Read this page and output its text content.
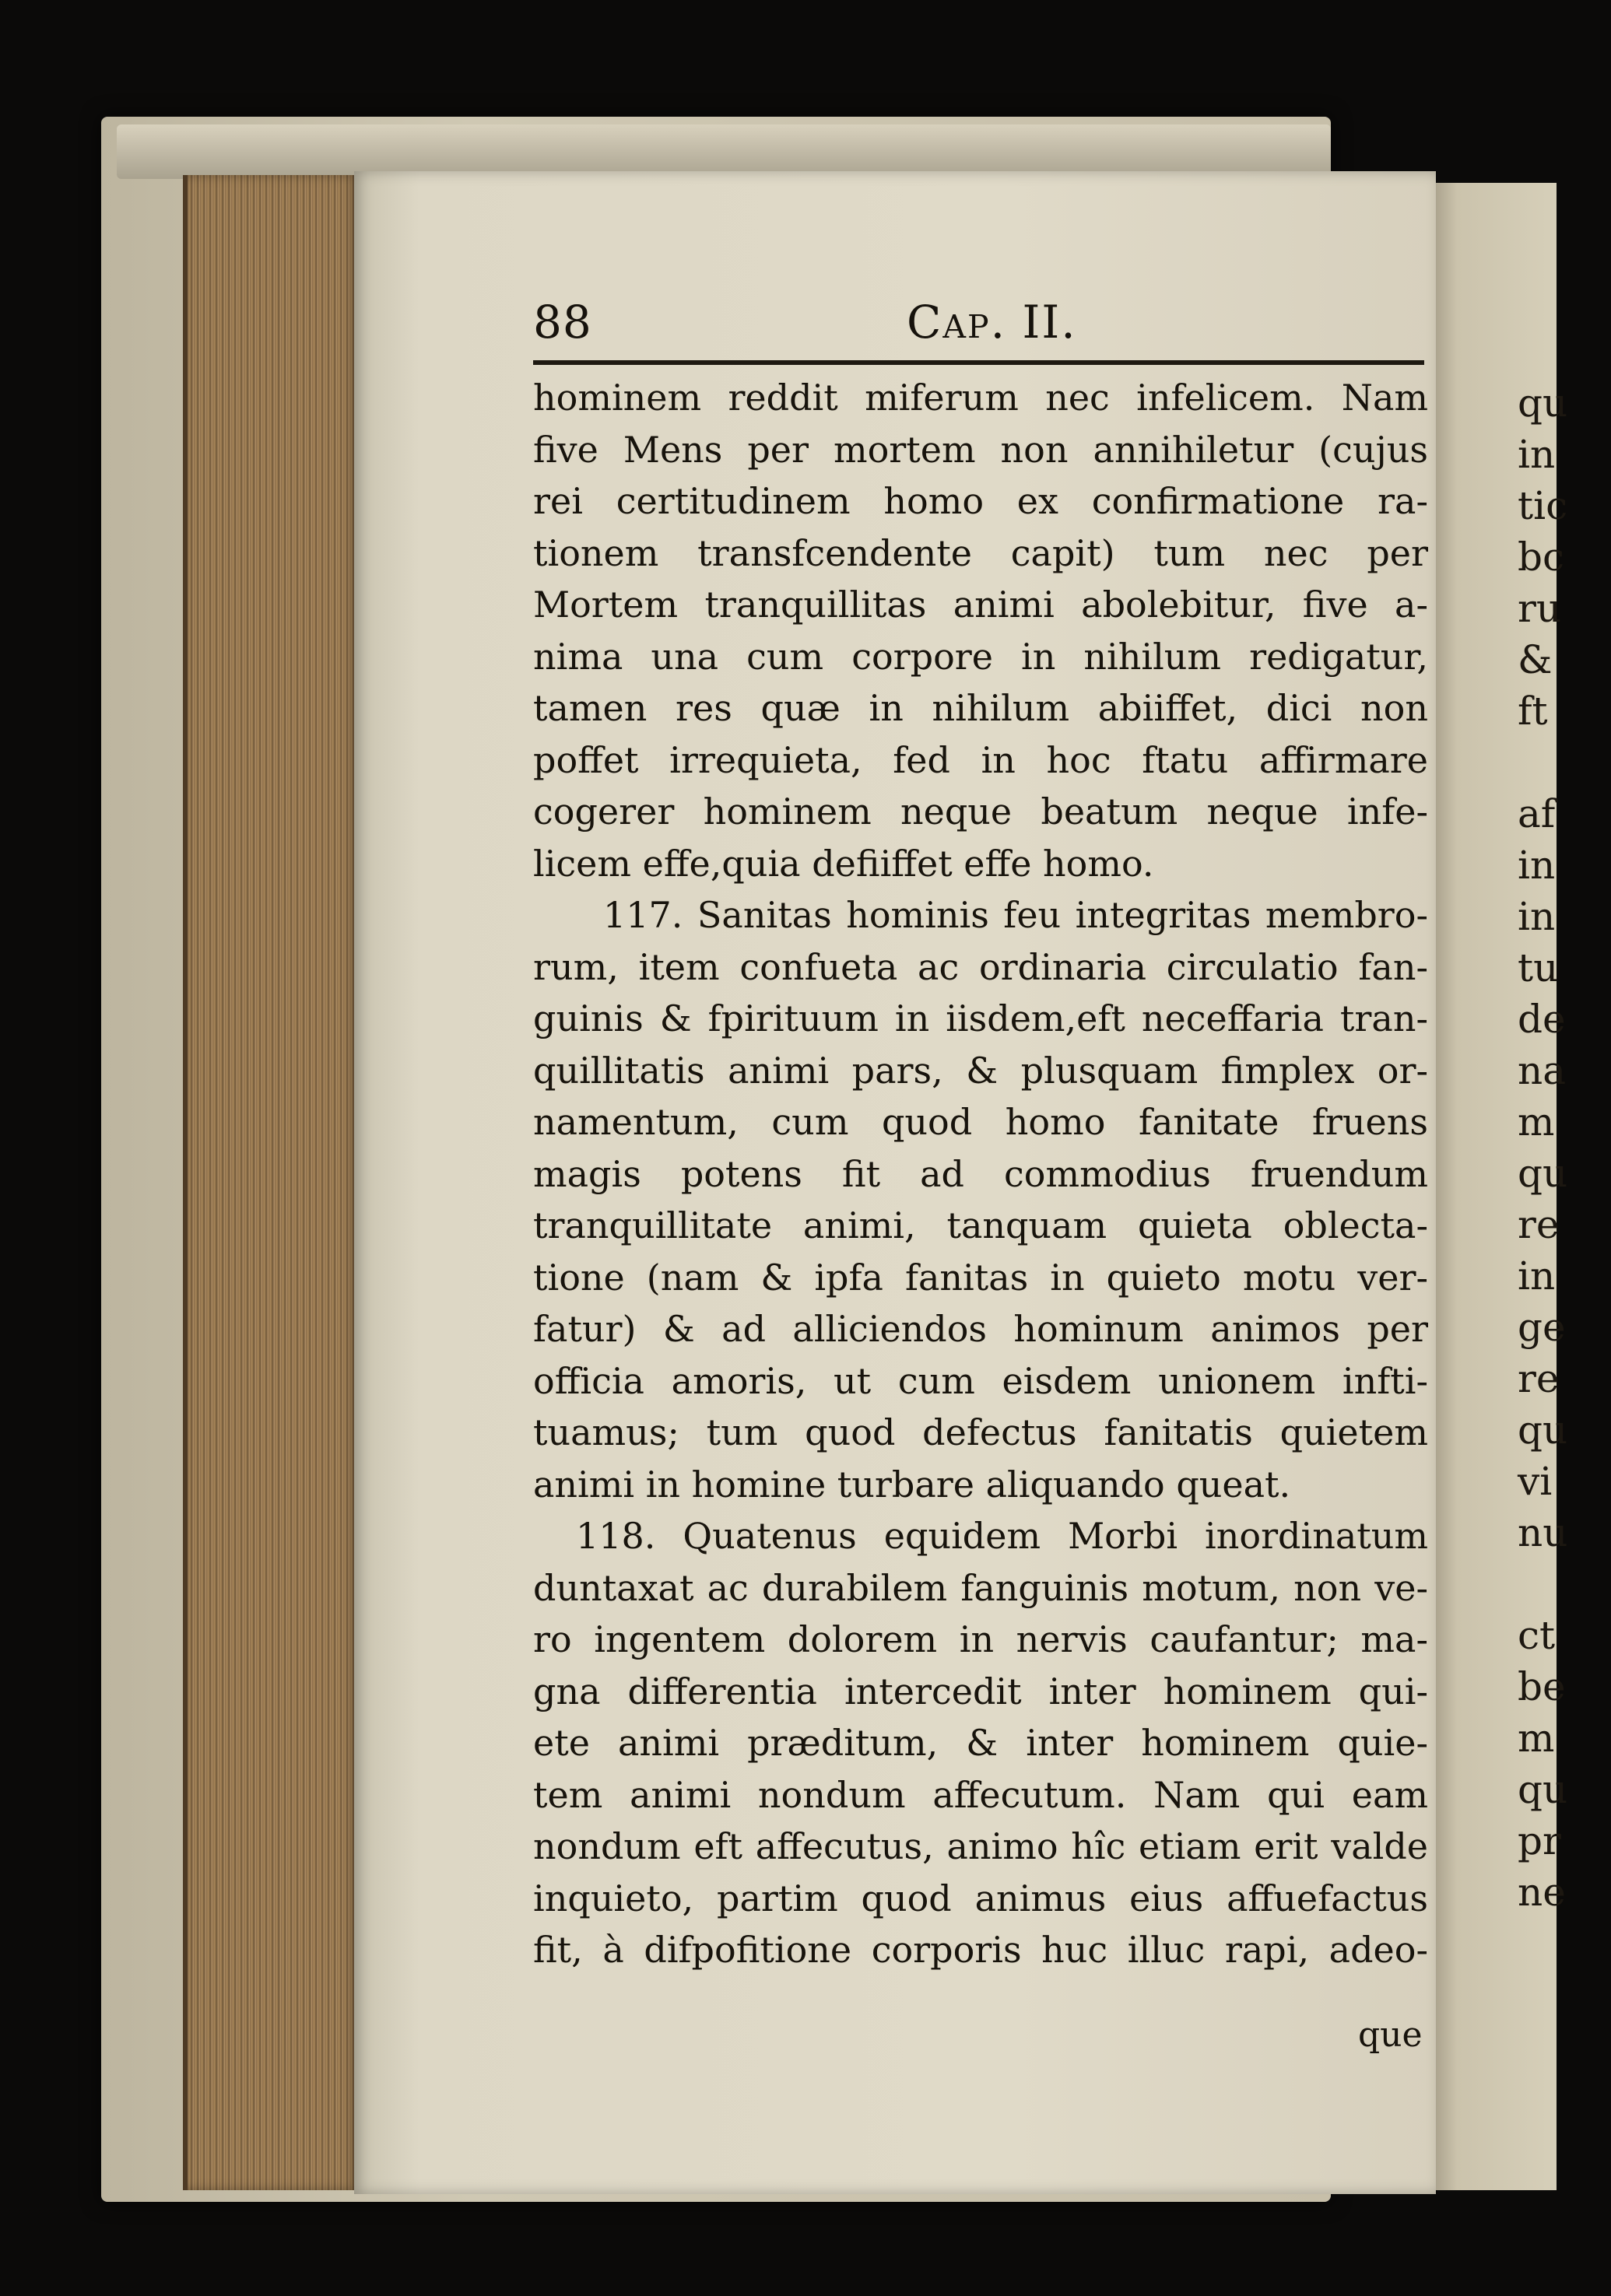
qu
in
tic
bc
ru
&
ft

af
in
in
tu
de
na
m
qu
re
in
ge
re
qu
vi
nu

ct
be
m
qu
pr
ne
88	Cap. II.
hominem reddit miferum nec infelicem. Nam
five Mens per mortem non annihiletur (cujus
rei certitudinem homo ex confirmatione ra-
tionem transfcendente capit) tum nec per
Mortem tranquillitas animi abolebitur, five a-
nima una cum corpore in nihilum redigatur,
tamen res quæ in nihilum abiiffet, dici non
poffet irrequieta, fed in hoc ftatu affirmare
cogerer hominem neque beatum neque infe-
licem effe,quia defiiffet effe homo.
117. Sanitas hominis feu integritas membro-
rum, item confueta ac ordinaria circulatio fan-
guinis & fpirituum in iisdem,eft neceffaria tran-
quillitatis animi pars, & plusquam fimplex or-
namentum, cum quod homo fanitate fruens
magis potens fit ad commodius fruendum
tranquillitate animi, tanquam quieta oblecta-
tione (nam & ipfa fanitas in quieto motu ver-
fatur) & ad alliciendos hominum animos per
officia amoris, ut cum eisdem unionem infti-
tuamus; tum quod defectus fanitatis quietem
animi in homine turbare aliquando queat.
118. Quatenus equidem Morbi inordinatum
duntaxat ac durabilem fanguinis motum, non ve-
ro ingentem dolorem in nervis caufantur; ma-
gna differentia intercedit inter hominem qui-
ete animi præditum, & inter hominem quie-
tem animi nondum affecutum. Nam qui eam
nondum eft affecutus, animo hîc etiam erit valde
inquieto, partim quod animus eius affuefactus
fit, à difpofitione corporis huc illuc rapi, adeo-
que
